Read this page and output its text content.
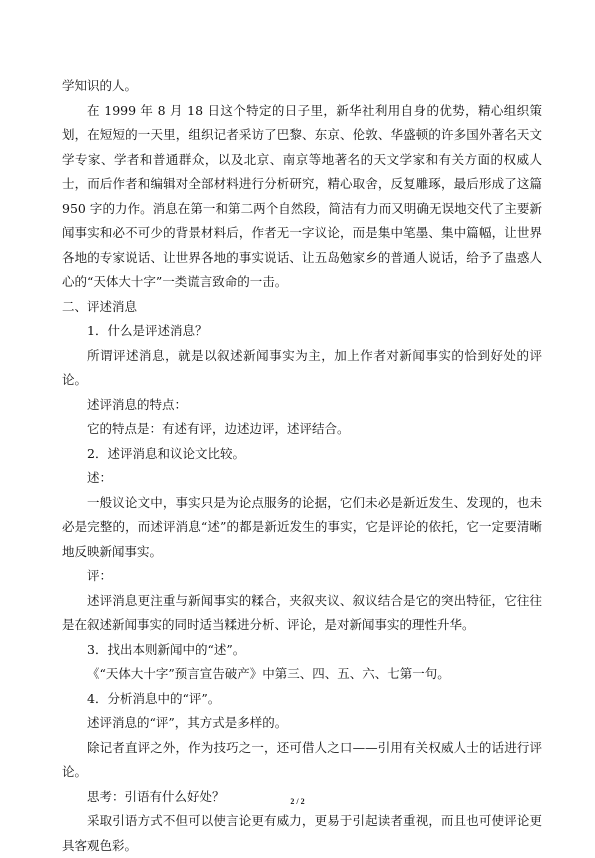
学知识的人。

在 1999 年 8 月 18 日这个特定的日子里，新华社利用自身的优势，精心组织策划，在短短的一天里，组织记者采访了巴黎、东京、伦敦、华盛顿的许多国外著名天文学专家、学者和普通群众，以及北京、南京等地著名的天文学家和有关方面的权威人士，而后作者和编辑对全部材料进行分析研究，精心取舍，反复雕琢，最后形成了这篇 950 字的力作。消息在第一和第二两个自然段，简洁有力而又明确无误地交代了主要新闻事实和必不可少的背景材料后，作者无一字议论，而是集中笔墨、集中篇幅，让世界各地的专家说话、让世界各地的事实说话、让五岛勉家乡的普通人说话，给予了蛊惑人心的“天体大十字”一类谎言致命的一击。

二、评述消息

1．什么是评述消息？

所谓评述消息，就是以叙述新闻事实为主，加上作者对新闻事实的恰到好处的评论。

述评消息的特点：

它的特点是：有述有评，边述边评，述评结合。

2．述评消息和议论文比较。

述：

一般议论文中，事实只是为论点服务的论据，它们未必是新近发生、发现的，也未必是完整的，而述评消息“述”的都是新近发生的事实，它是评论的依托，它一定要清晰地反映新闻事实。

评：

述评消息更注重与新闻事实的糅合，夹叙夹议、叙议结合是它的突出特征，它往往是在叙述新闻事实的同时适当糅进分析、评论，是对新闻事实的理性升华。

3．找出本则新闻中的“述”。

《“天体大十字”预言宣告破产》中第三、四、五、六、七第一句。

4．分析消息中的“评”。

述评消息的“评”，其方式是多样的。

除记者直评之外，作为技巧之一，还可借人之口——引用有关权威人士的话进行评论。

思考：引语有什么好处？

采取引语方式不但可以使言论更有威力，更易于引起读者重视，而且也可使评论更具客观色彩。

2 / 2
